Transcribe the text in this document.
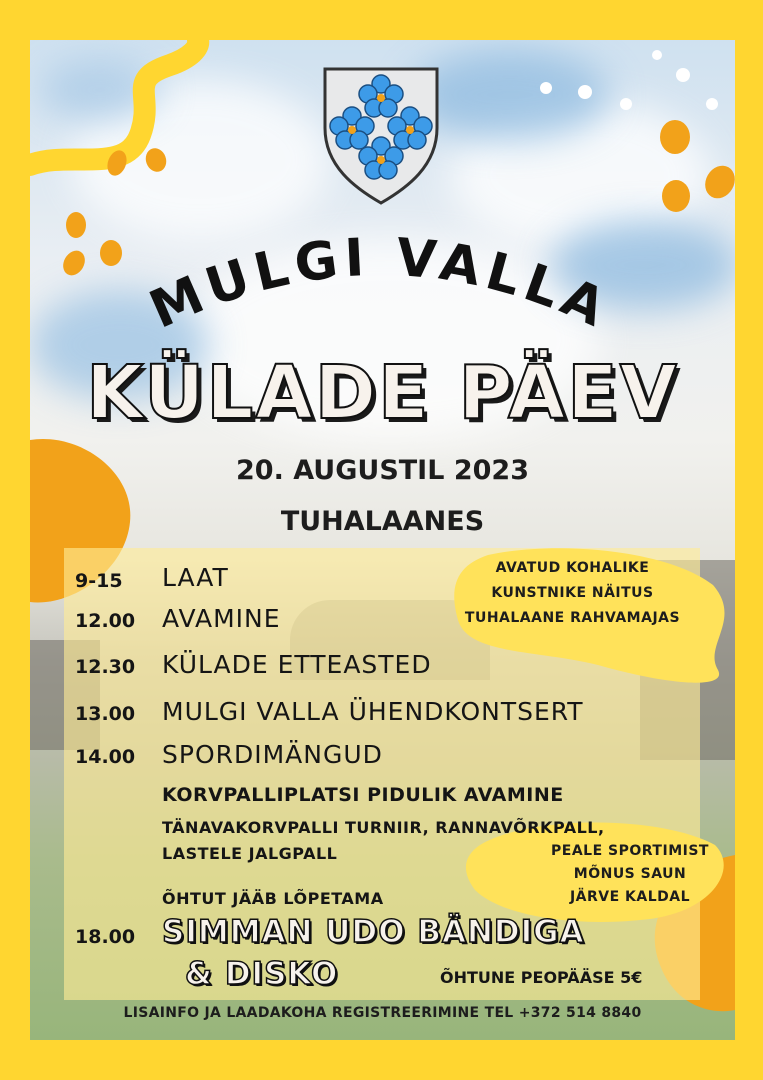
MULGI VALLA
KÜLADE PÄEV
20. AUGUSTIL 2023
TUHALAANES
AVATUD KOHALIKE
KUNSTNIKE NÄITUS
TUHALAANE RAHVAMAJAS
9-15 LAAT
12.00 AVAMINE
12.30 KÜLADE ETTEASTED
13.00 MULGI VALLA ÜHENDKONTSERT
14.00 SPORDIMÄNGUD
KORVPALLIPLATSI PIDULIK AVAMINE
TÄNAVAKORVPALLI TURNIIR, RANNAVÕRKPALL,
LASTELE JALGPALL	PEALE SPORTIMIST
MÕNUS SAUN
JÄRVE KALDAL
ÕHTUT JÄÄB LÕPETAMA
18.00 SIMMAN UDO BÄNDIGA
& DISKO	ÕHTUNE PEOPÄÄSE 5€
LISAINFO JA LAADAKOHA REGISTREERIMINE TEL +372 514 8840
